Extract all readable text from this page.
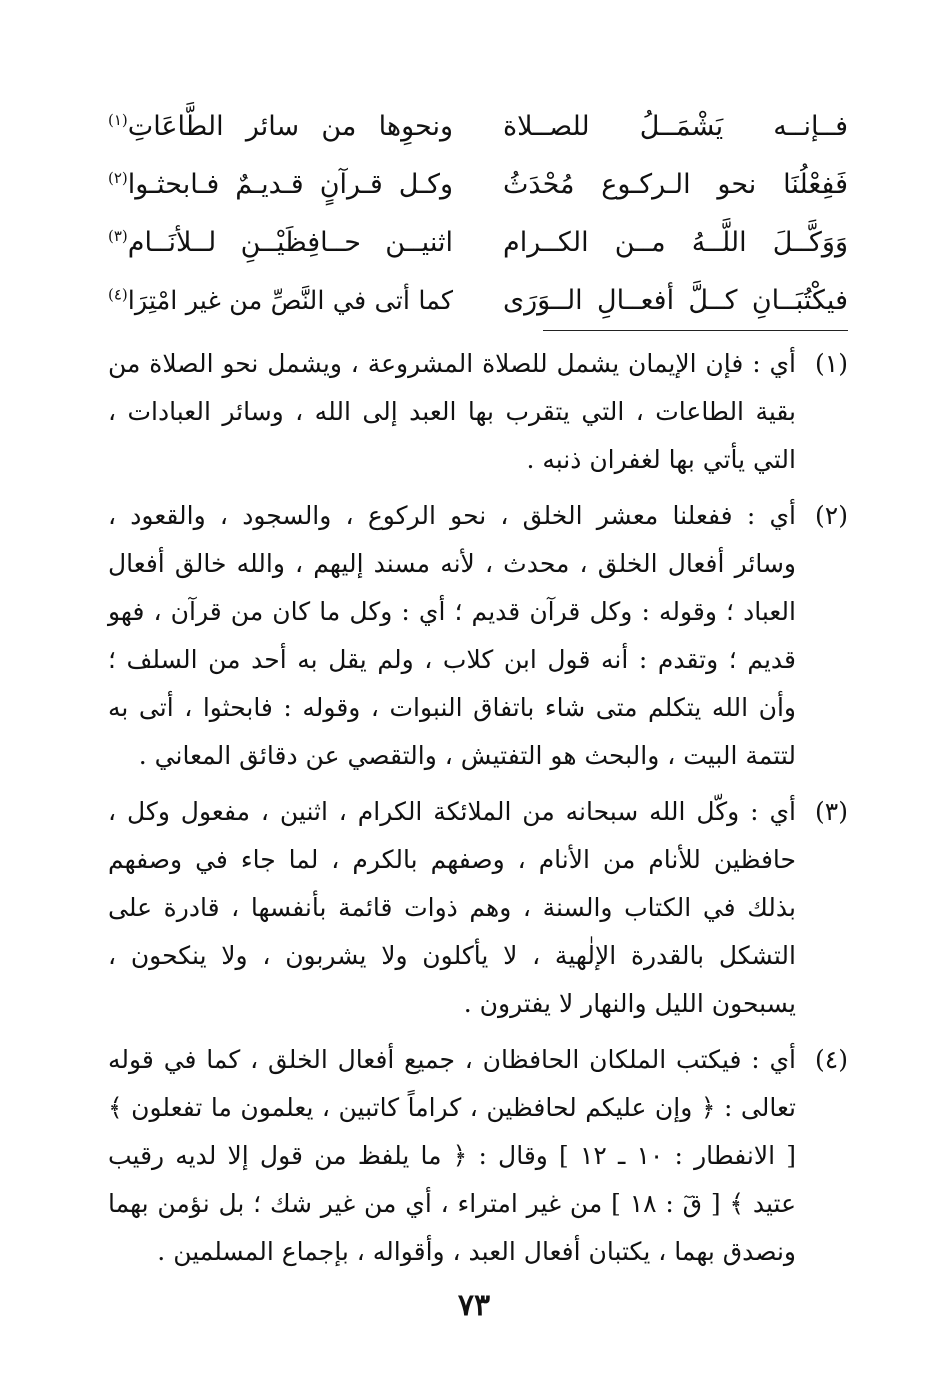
فــإنــه يَشْمَــلُ للصــلاة
ونحوِها من سائر الطَّاعَاتِ$^{(١)}$
فَفِعْلُنَا نحو الـركـوع مُحْدَثُ
وكـل قـرآنٍ قـديـمٌ فـابحثـوا$^{(٢)}$
وَوَكَّــلَ اللَّــهُ مــن الكــرام
اثنيــن حــافِظَيْــنِ لــلأنَــام$^{(٣)}$
فيكْتُبَــانِ كــلَّ أفعــالِ الــوَرَى
كما أتى في النَّصِّ من غير امْتِرَا$^{(٤)}$
(١)
أي : فإن الإيمان يشمل للصلاة المشروعة ، ويشمل نحو الصلاة من
بقية الطاعات ، التي يتقرب بها العبد إلى الله ، وسائر العبادات ،
التي يأتي بها لغفران ذنبه .
(٢)
أي : ففعلنا معشر الخلق ، نحو الركوع ، والسجود ، والقعود ،
وسائر أفعال الخلق ، محدث ، لأنه مسند إليهم ، والله خالق أفعال
العباد ؛ وقوله : وكل قرآن قديم ؛ أي : وكل ما كان من قرآن ، فهو
قديم ؛ وتقدم : أنه قول ابن كلاب ، ولم يقل به أحد من السلف ؛
وأن الله يتكلم متى شاء باتفاق النبوات ، وقوله : فابحثوا ، أتى به
لتتمة البيت ، والبحث هو التفتيش ، والتقصي عن دقائق المعاني .
(٣)
أي : وكّل الله سبحانه من الملائكة الكرام ، اثنين ، مفعول وكل ،
حافظين للأنام من الأنام ، وصفهم بالكرم ، لما جاء في وصفهم
بذلك في الكتاب والسنة ، وهم ذوات قائمة بأنفسها ، قادرة على
التشكل بالقدرة الإلٰهية ، لا يأكلون ولا يشربون ، ولا ينكحون ،
يسبحون الليل والنهار لا يفترون .
(٤)
أي : فيكتب الملكان الحافظان ، جميع أفعال الخلق ، كما في قوله
تعالى : ﴿ وإن عليكم لحافظين ، كراماً كاتبين ، يعلمون ما تفعلون ﴾
[ الانفطار : ١٠ ـ ١٢ ] وقال : ﴿ ما يلفظ من قول إلا لديه رقيب
عتيد ﴾ [ قٓ : ١٨ ] من غير امتراء ، أي من غير شك ؛ بل نؤمن بهما
ونصدق بهما ، يكتبان أفعال العبد ، وأقواله ، بإجماع المسلمين .
٧٣
